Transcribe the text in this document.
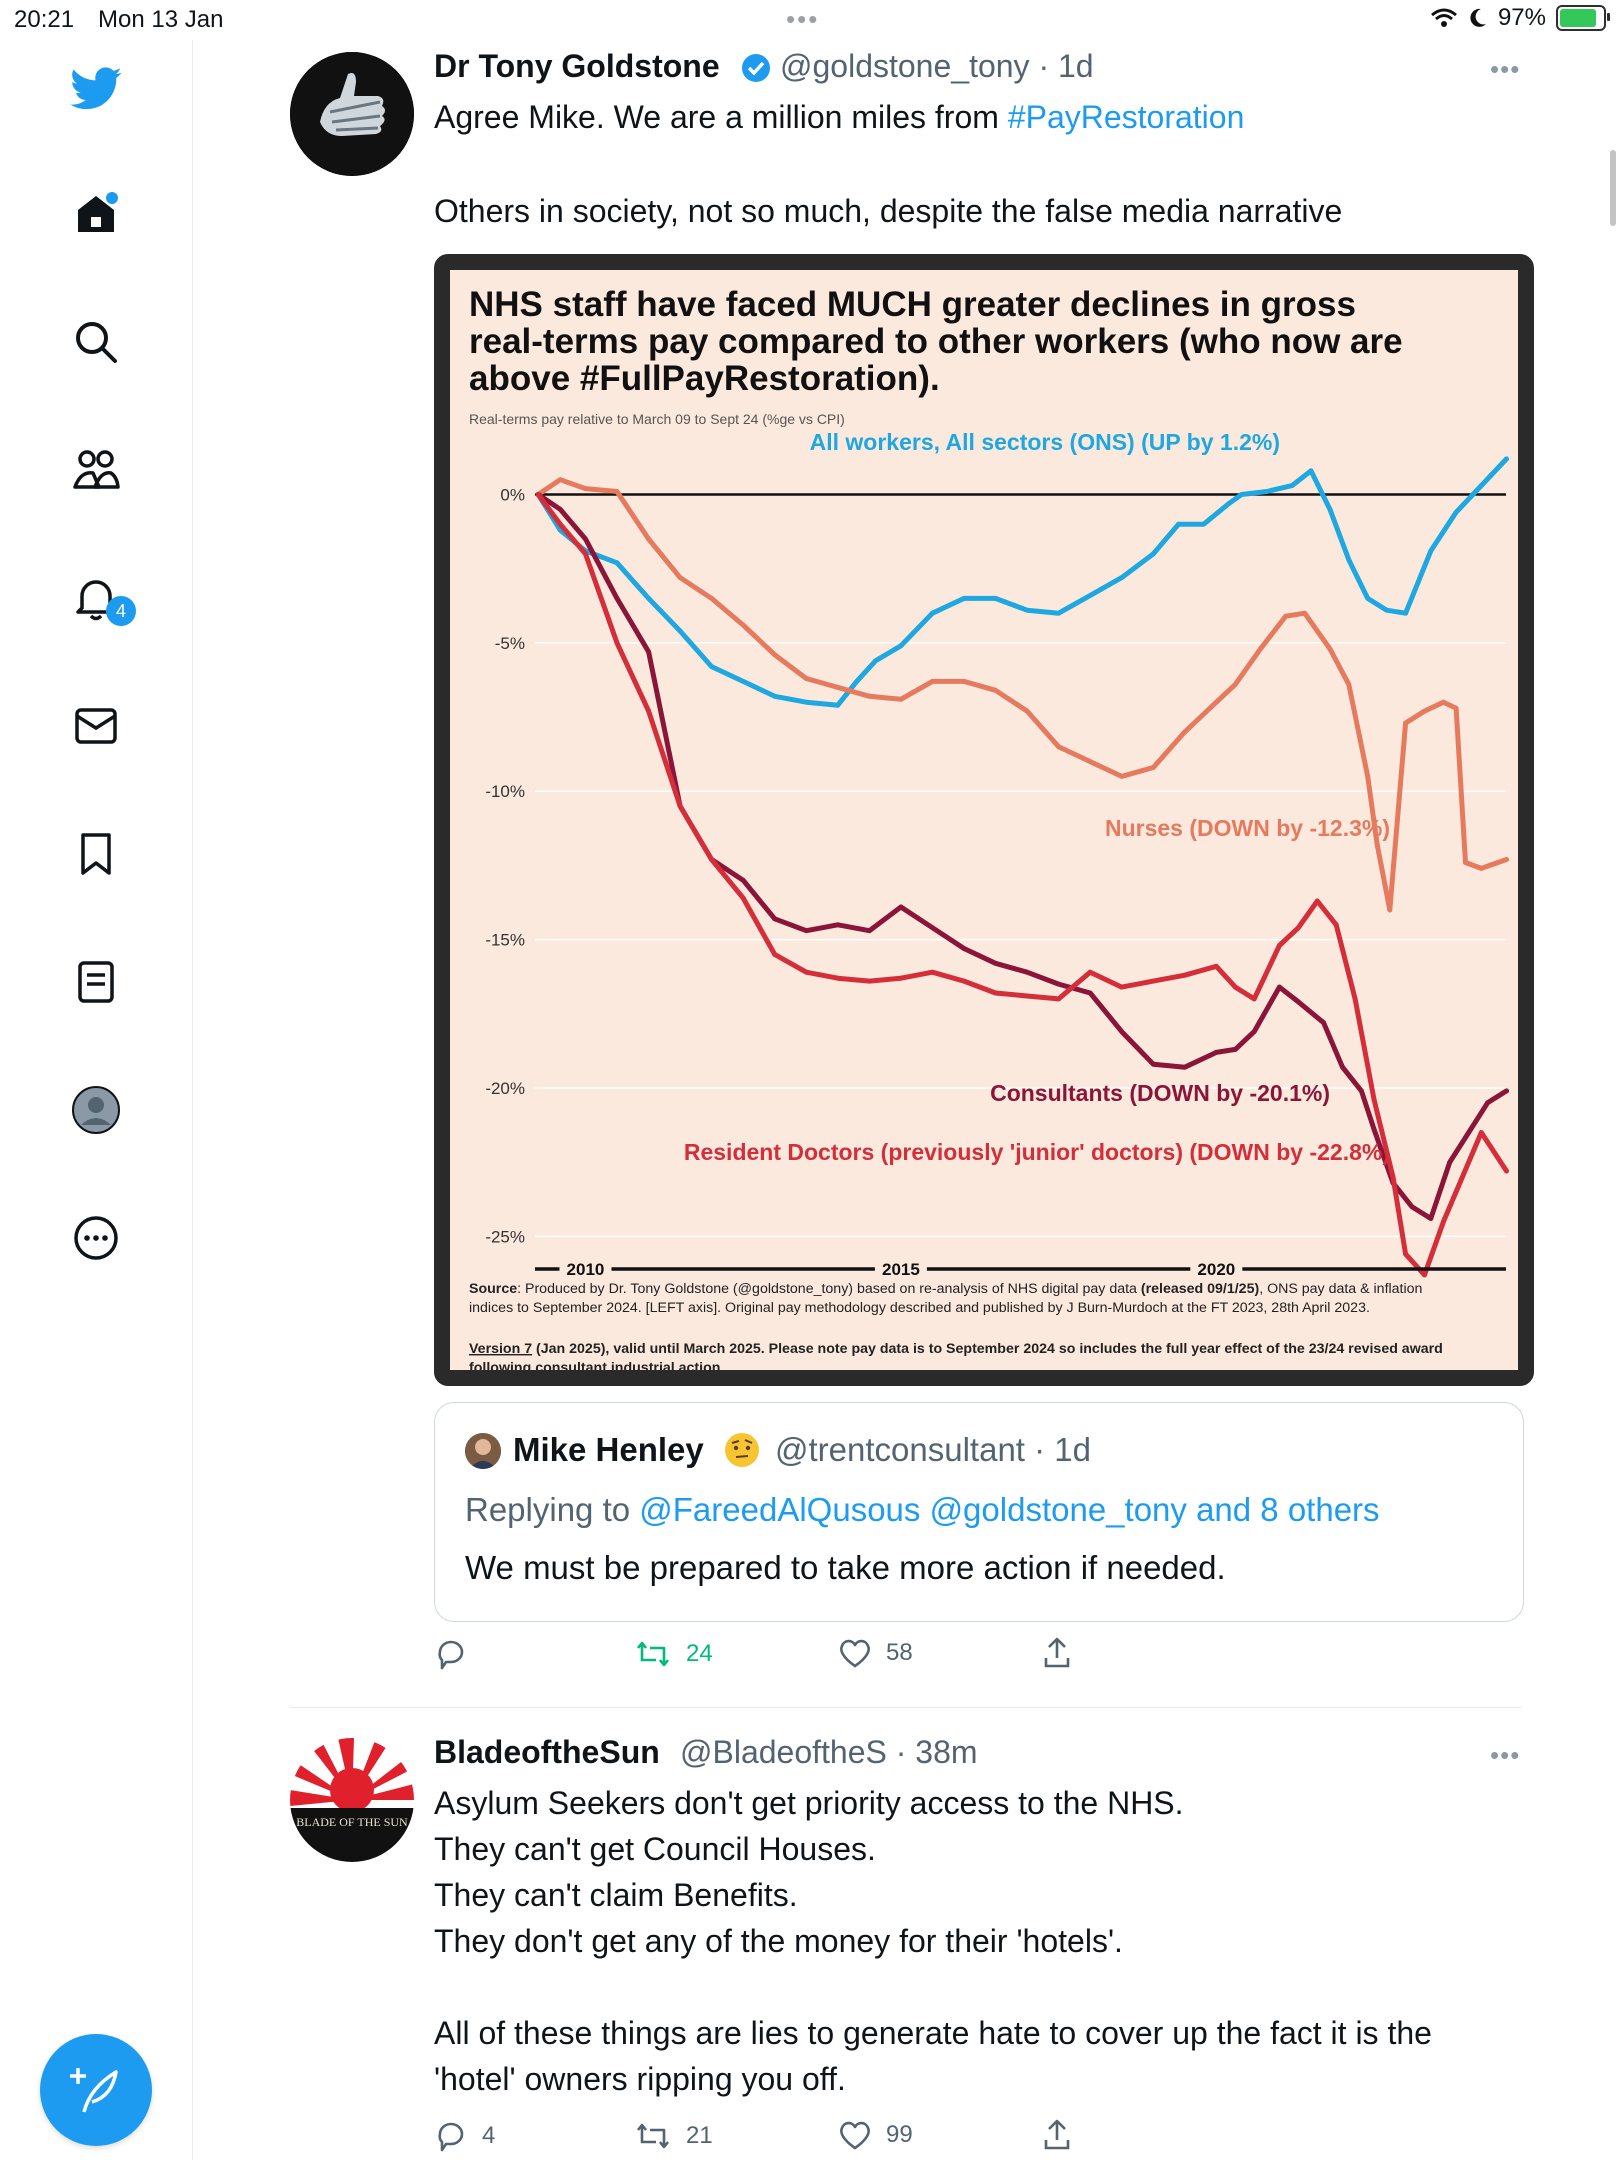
20:21 Mon 13 Jan	•••	97%
4
Dr Tony Goldstone @goldstone_tony · 1d	•••
Agree Mike. We are a million miles from #PayRestoration
Others in society, not so much, despite the false media narrative
NHS staff have faced MUCH greater declines in gross
real-terms pay compared to other workers (who now are
above #FullPayRestoration).
Real-terms pay relative to March 09 to Sept 24 (%ge vs CPI)
0%
-5%
-10%
-15%
-20%
-25%
2010	2015	2020
All workers, All sectors (ONS) (UP by 1.2%)
Nurses (DOWN by -12.3%)
Consultants (DOWN by -20.1%)
Resident Doctors (previously 'junior' doctors) (DOWN by -22.8%)
Source: Produced by Dr. Tony Goldstone (@goldstone_tony) based on re-analysis of NHS digital pay data (released 09/1/25), ONS pay data & inflation
indices to September 2024. [LEFT axis]. Original pay methodology described and published by J Burn-Murdoch at the FT 2023, 28th April 2023.
Version 7 (Jan 2025), valid until March 2025. Please note pay data is to September 2024 so includes the full year effect of the 23/24 revised award
following consultant industrial action
Mike Henley @trentconsultant · 1d
Replying to @FareedAlQusous @goldstone_tony and 8 others
We must be prepared to take more action if needed.
24	58
BLADE OF THE SUN
BladeoftheSun @BladeoftheS · 38m	•••
Asylum Seekers don't get priority access to the NHS.
They can't get Council Houses.
They can't claim Benefits.
They don't get any of the money for their 'hotels'.

All of these things are lies to generate hate to cover up the fact it is the
'hotel' owners ripping you off.
4	21	99
